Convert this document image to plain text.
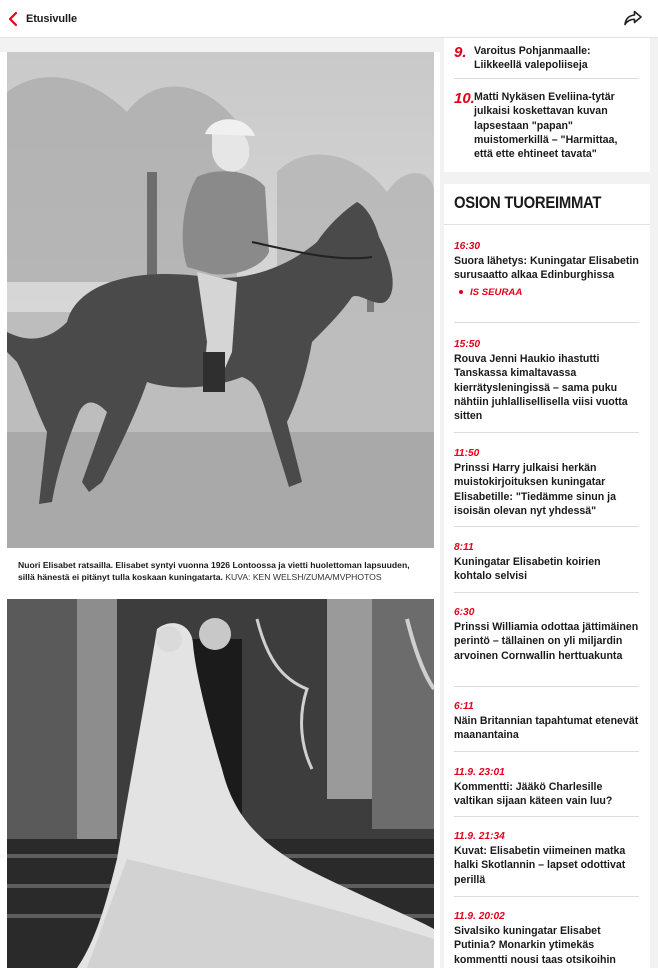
Etusivulle
Nuori Elisabet ratsailla. Elisabet syntyi vuonna 1926 Lontoossa ja vietti huolettoman lapsuuden, sillä hänestä ei pitänyt tulla koskaan kuningatarta. KUVA: KEN WELSH/ZUMA/MVPHOTOS
9. Varoitus Pohjanmaalle: Liikkeellä valepoliiseja
10. Matti Nykäsen Eveliina-tytär julkaisi koskettavan kuvan lapsestaan "papan" muistomerkillä – "Harmittaa, että ette ehtineet tavata"
OSION TUOREIMMAT
16:30
Suora lähetys: Kuningatar Elisabetin surusaatto alkaa Edinburghissa
IS SEURAA
15:50
Rouva Jenni Haukio ihastutti Tanskassa kimaltavassa kierrätysleningissä – sama puku nähtiin juhlallisellisella viisi vuotta sitten
11:50
Prinssi Harry julkaisi herkän muistokirjoituksen kuningatar Elisabetille: "Tiedämme sinun ja isoisän olevan nyt yhdessä"
8:11
Kuningatar Elisabetin koirien kohtalo selvisi
6:30
Prinssi Williamia odottaa jättimäinen perintö – tällainen on yli miljardin arvoinen Cornwallin herttuakunta
6:11
Näin Britannian tapahtumat etenevät maanantaina
11.9. 23:01
Kommentti: Jääkö Charlesille valtikan sijaan käteen vain luu?
11.9. 21:34
Kuvat: Elisabetin viimeinen matka halki Skotlannin – lapset odottivat perillä
11.9. 20:02
Sivalsiko kuningatar Elisabet Putinia? Monarkin ytimekäs kommentti nousi taas otsikoihin
